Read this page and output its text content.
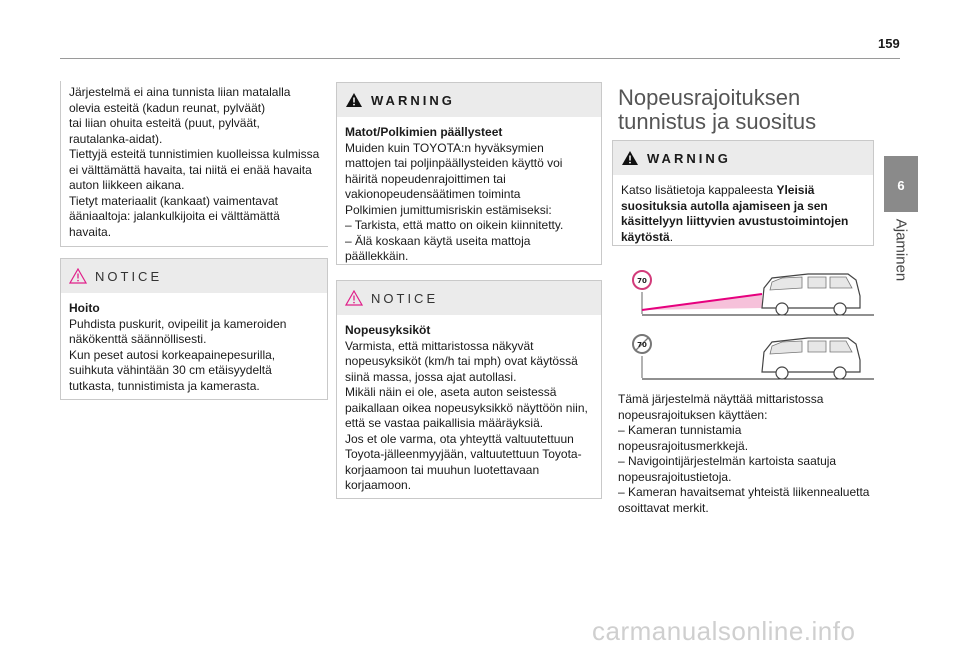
159
6
Ajaminen

Järjestelmä ei aina tunnista liian matalalla olevia esteitä (kadun reunat, pylväät)

tai liian ohuita esteitä (puut, pylväät, rautalanka-aidat).

Tiettyjä esteitä tunnistimien kuolleissa kulmissa ei välttämättä havaita, tai niitä ei enää havaita auton liikkeen aikana.

Tietyt materiaalit (kankaat) vaimentavat ääniaaltoja: jalankulkijoita ei välttämättä havaita.

NOTICE

Hoito

Puhdista puskurit, ovipeilit ja kameroiden näkökenttä säännöllisesti.

Kun peset autosi korkeapainepesurilla, suihkuta vähintään 30 cm etäisyydeltä tutkasta, tunnistimista ja kamerasta.

WARNING

Matot/Polkimien päällysteet

Muiden kuin TOYOTA:n hyväksymien mattojen tai poljinpäällysteiden käyttö voi häiritä nopeudenrajoittimen tai vakionopeudensäätimen toiminta

Polkimien jumittumisriskin estämiseksi:

– Tarkista, että matto on oikein kiinnitetty.

– Älä koskaan käytä useita mattoja päällekkäin.

NOTICE

Nopeusyksiköt

Varmista, että mittaristossa näkyvät nopeusyksiköt (km/h tai mph) ovat käytössä siinä massa, jossa ajat autollasi.

Mikäli näin ei ole, aseta auton seistessä paikallaan oikea nopeusyksikkö näyttöön niin, että se vastaa paikallisia määräyksiä.

Jos et ole varma, ota yhteyttä valtuutettuun Toyota-jälleenmyyjään, valtuutettuun Toyota-korjaamoon tai muuhun luotettavaan korjaamoon.

Nopeusrajoituksen tunnistus ja suositus
WARNING

Katso lisätietoja kappaleesta Yleisiä suosituksia autolla ajamiseen ja sen käsittelyyn liittyvien avustustoimintojen käytöstä.

70
70

Tämä järjestelmä näyttää mittaristossa nopeusrajoituksen käyttäen:

– Kameran tunnistamia nopeusrajoitusmerkkejä.

– Navigointijärjestelmän kartoista saatuja nopeusrajoitustietoja.

– Kameran havaitsemat yhteistä liikennealuetta osoittavat merkit.

carmanualsonline.info
